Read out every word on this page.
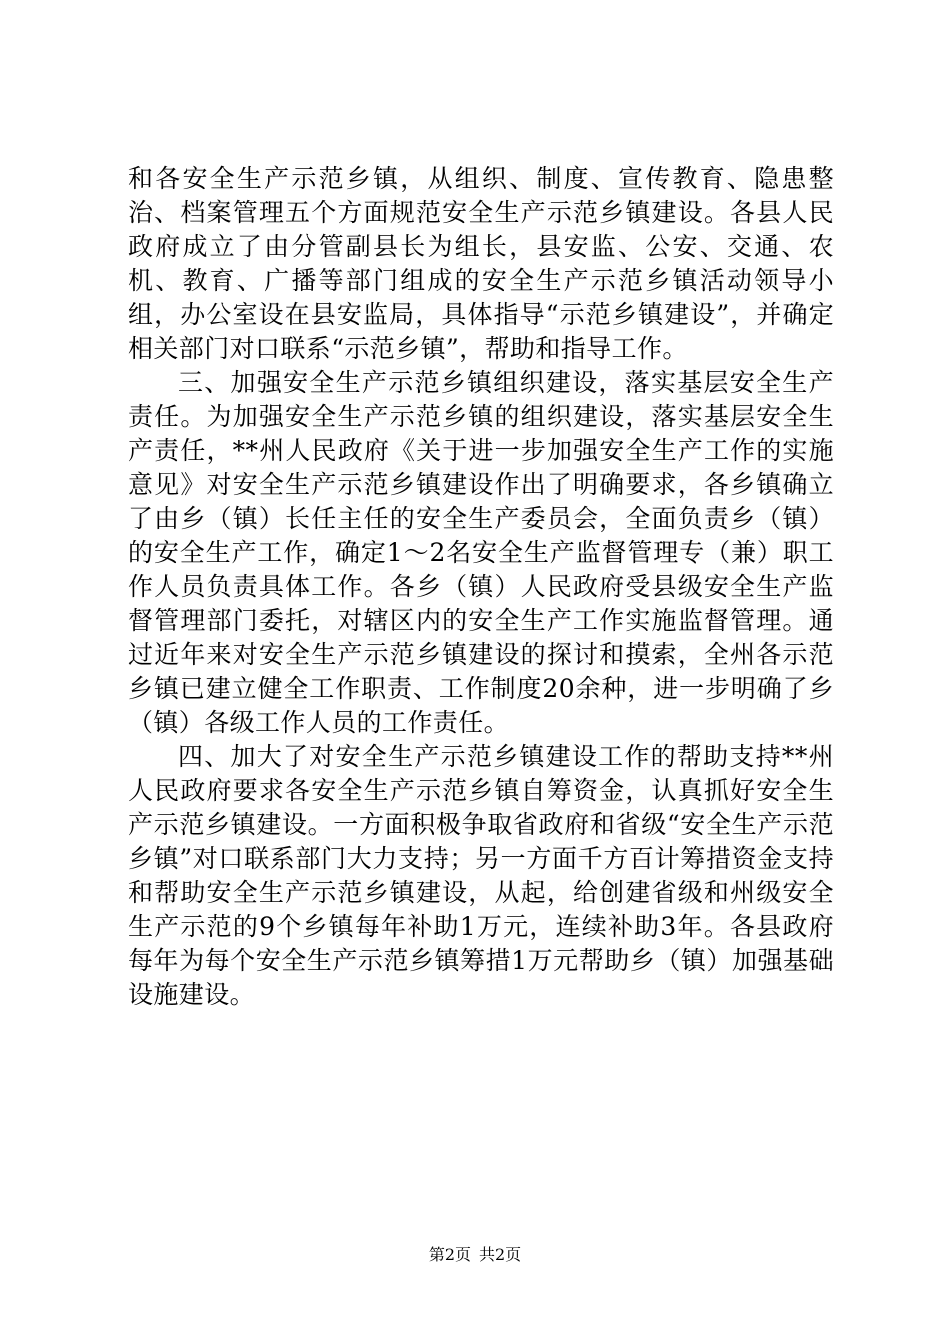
和各安全生产示范乡镇，从组织、制度、宣传教育、隐患整治、档案管理五个方面规范安全生产示范乡镇建设。各县人民政府成立了由分管副县长为组长，县安监、公安、交通、农机、教育、广播等部门组成的安全生产示范乡镇活动领导小组，办公室设在县安监局，具体指导“示范乡镇建设”，并确定相关部门对口联系“示范乡镇”，帮助和指导工作。

三、加强安全生产示范乡镇组织建设，落实基层安全生产责任。为加强安全生产示范乡镇的组织建设，落实基层安全生产责任，**州人民政府《关于进一步加强安全生产工作的实施意见》对安全生产示范乡镇建设作出了明确要求，各乡镇确立了由乡（镇）长任主任的安全生产委员会，全面负责乡（镇）的安全生产工作，确定1～2名安全生产监督管理专（兼）职工作人员负责具体工作。各乡（镇）人民政府受县级安全生产监督管理部门委托，对辖区内的安全生产工作实施监督管理。通过近年来对安全生产示范乡镇建设的探讨和摸索，全州各示范乡镇已建立健全工作职责、工作制度20余种，进一步明确了乡（镇）各级工作人员的工作责任。

四、加大了对安全生产示范乡镇建设工作的帮助支持**州人民政府要求各安全生产示范乡镇自筹资金，认真抓好安全生产示范乡镇建设。一方面积极争取省政府和省级“安全生产示范乡镇”对口联系部门大力支持；另一方面千方百计筹措资金支持和帮助安全生产示范乡镇建设，从起，给创建省级和州级安全生产示范的9个乡镇每年补助1万元，连续补助3年。各县政府每年为每个安全生产示范乡镇筹措1万元帮助乡（镇）加强基础设施建设。

第2页 共2页
